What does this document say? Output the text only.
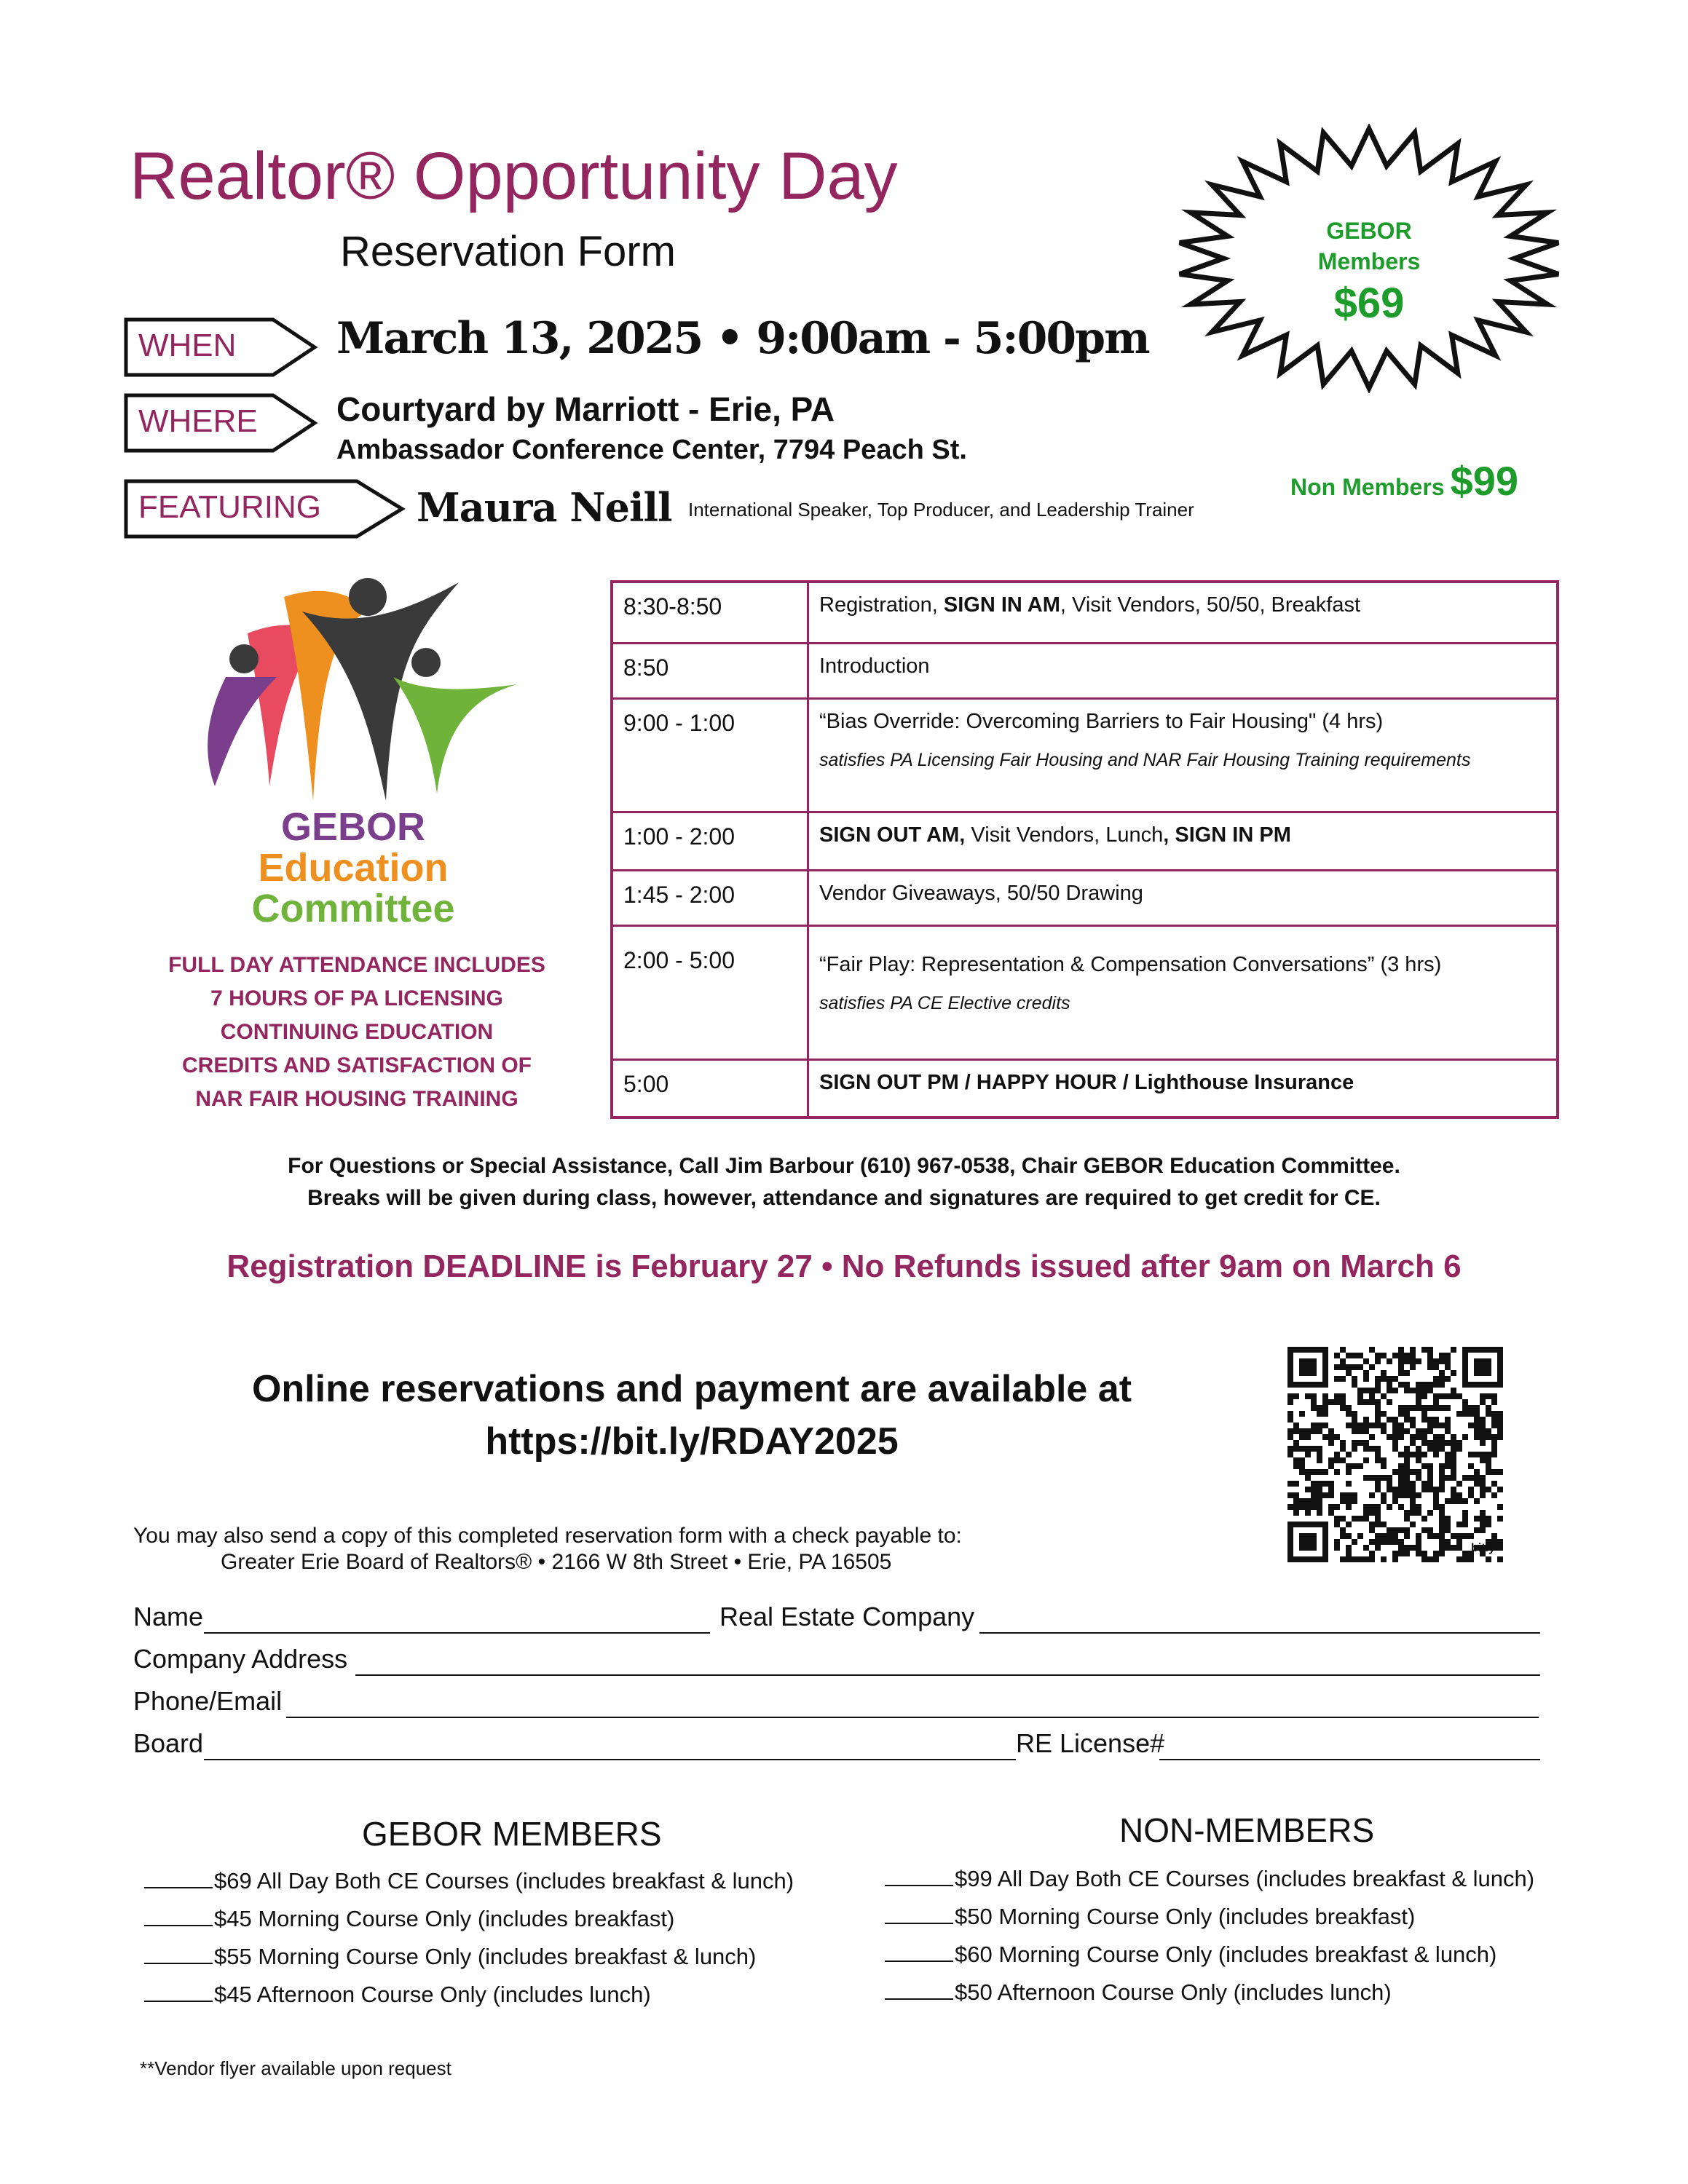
Realtor® Opportunity Day
Reservation Form
WHEN March 13, 2025 • 9:00am - 5:00pm
WHERE Courtyard by Marriott - Erie, PA
Ambassador Conference Center, 7794 Peach St.
FEATURING Maura Neill International Speaker, Top Producer, and Leadership Trainer
GEBOR
Members
$69
Non Members $99
GEBOR
Education
Committee
FULL DAY ATTENDANCE INCLUDES
7 HOURS OF PA LICENSING
CONTINUING EDUCATION
CREDITS AND SATISFACTION OF
NAR FAIR HOUSING TRAINING
8:30-8:50	Registration, SIGN IN AM, Visit Vendors, 50/50, Breakfast
8:50	Introduction
9:00 - 1:00	“Bias Override: Overcoming Barriers to Fair Housing" (4 hrs)
satisfies PA Licensing Fair Housing and NAR Fair Housing Training requirements

1:00 - 2:00	SIGN OUT AM, Visit Vendors, Lunch, SIGN IN PM
1:45 - 2:00	Vendor Giveaways, 50/50 Drawing
2:00 - 5:00	“Fair Play: Representation & Compensation Conversations” (3 hrs)
satisfies PA CE Elective credits

5:00	SIGN OUT PM / HAPPY HOUR / Lighthouse Insurance
For Questions or Special Assistance, Call Jim Barbour (610) 967-0538, Chair GEBOR Education Committee.
Breaks will be given during class, however, attendance and signatures are required to get credit for CE.
Registration DEADLINE is February 27 • No Refunds issued after 9am on March 6
Online reservations and payment are available at
https://bit.ly/RDAY2025
bitly
You may also send a copy of this completed reservation form with a check payable to:
Greater Erie Board of Realtors® • 2166 W 8th Street • Erie, PA 16505
Name	Real Estate Company
Company Address
Phone/Email
Board	RE License#
GEBOR MEMBERS
$69 All Day Both CE Courses (includes breakfast & lunch)
$45 Morning Course Only (includes breakfast)
$55 Morning Course Only (includes breakfast & lunch)
$45 Afternoon Course Only (includes lunch)
NON-MEMBERS
$99 All Day Both CE Courses (includes breakfast & lunch)
$50 Morning Course Only (includes breakfast)
$60 Morning Course Only (includes breakfast & lunch)
$50 Afternoon Course Only (includes lunch)
**Vendor flyer available upon request
